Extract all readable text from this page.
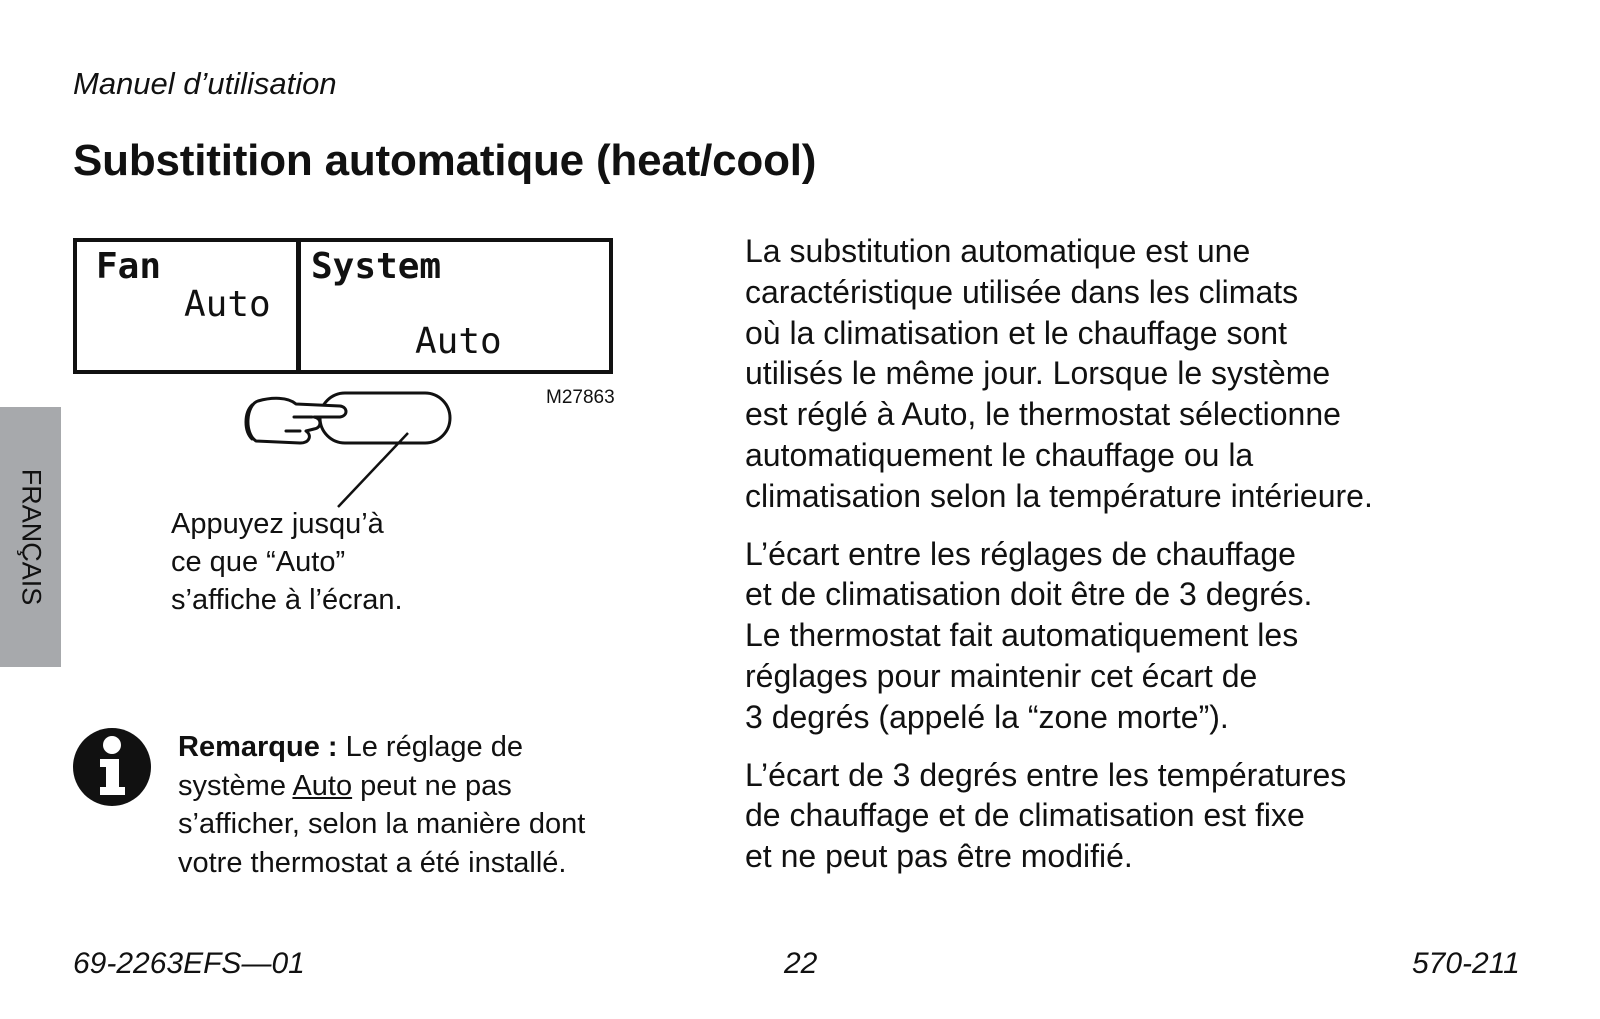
Manuel d’utilisation
Substitition automatique (heat/cool)
FRANÇAIS
Fan
Auto
System
Auto
M27863
Appuyez jusqu’à
ce que “Auto”
s’affiche à l’écran.
Remarque : Le réglage de
système Auto peut ne pas
s’afficher, selon la manière dont
votre thermostat a été installé.

La substitution automatique est une
caractéristique utilisée dans les climats
où la climatisation et le chauffage sont
utilisés le même jour. Lorsque le système
est réglé à Auto, le thermostat sélectionne
automatiquement le chauffage ou la
climatisation selon la température intérieure.

L’écart entre les réglages de chauffage
et de climatisation doit être de 3 degrés.
Le thermostat fait automatiquement les
réglages pour maintenir cet écart de
3 degrés (appelé la “zone morte”).

L’écart de 3 degrés entre les températures
de chauffage et de climatisation est fixe
et ne peut pas être modifié.

69-2263EFS—01	22	570-211
